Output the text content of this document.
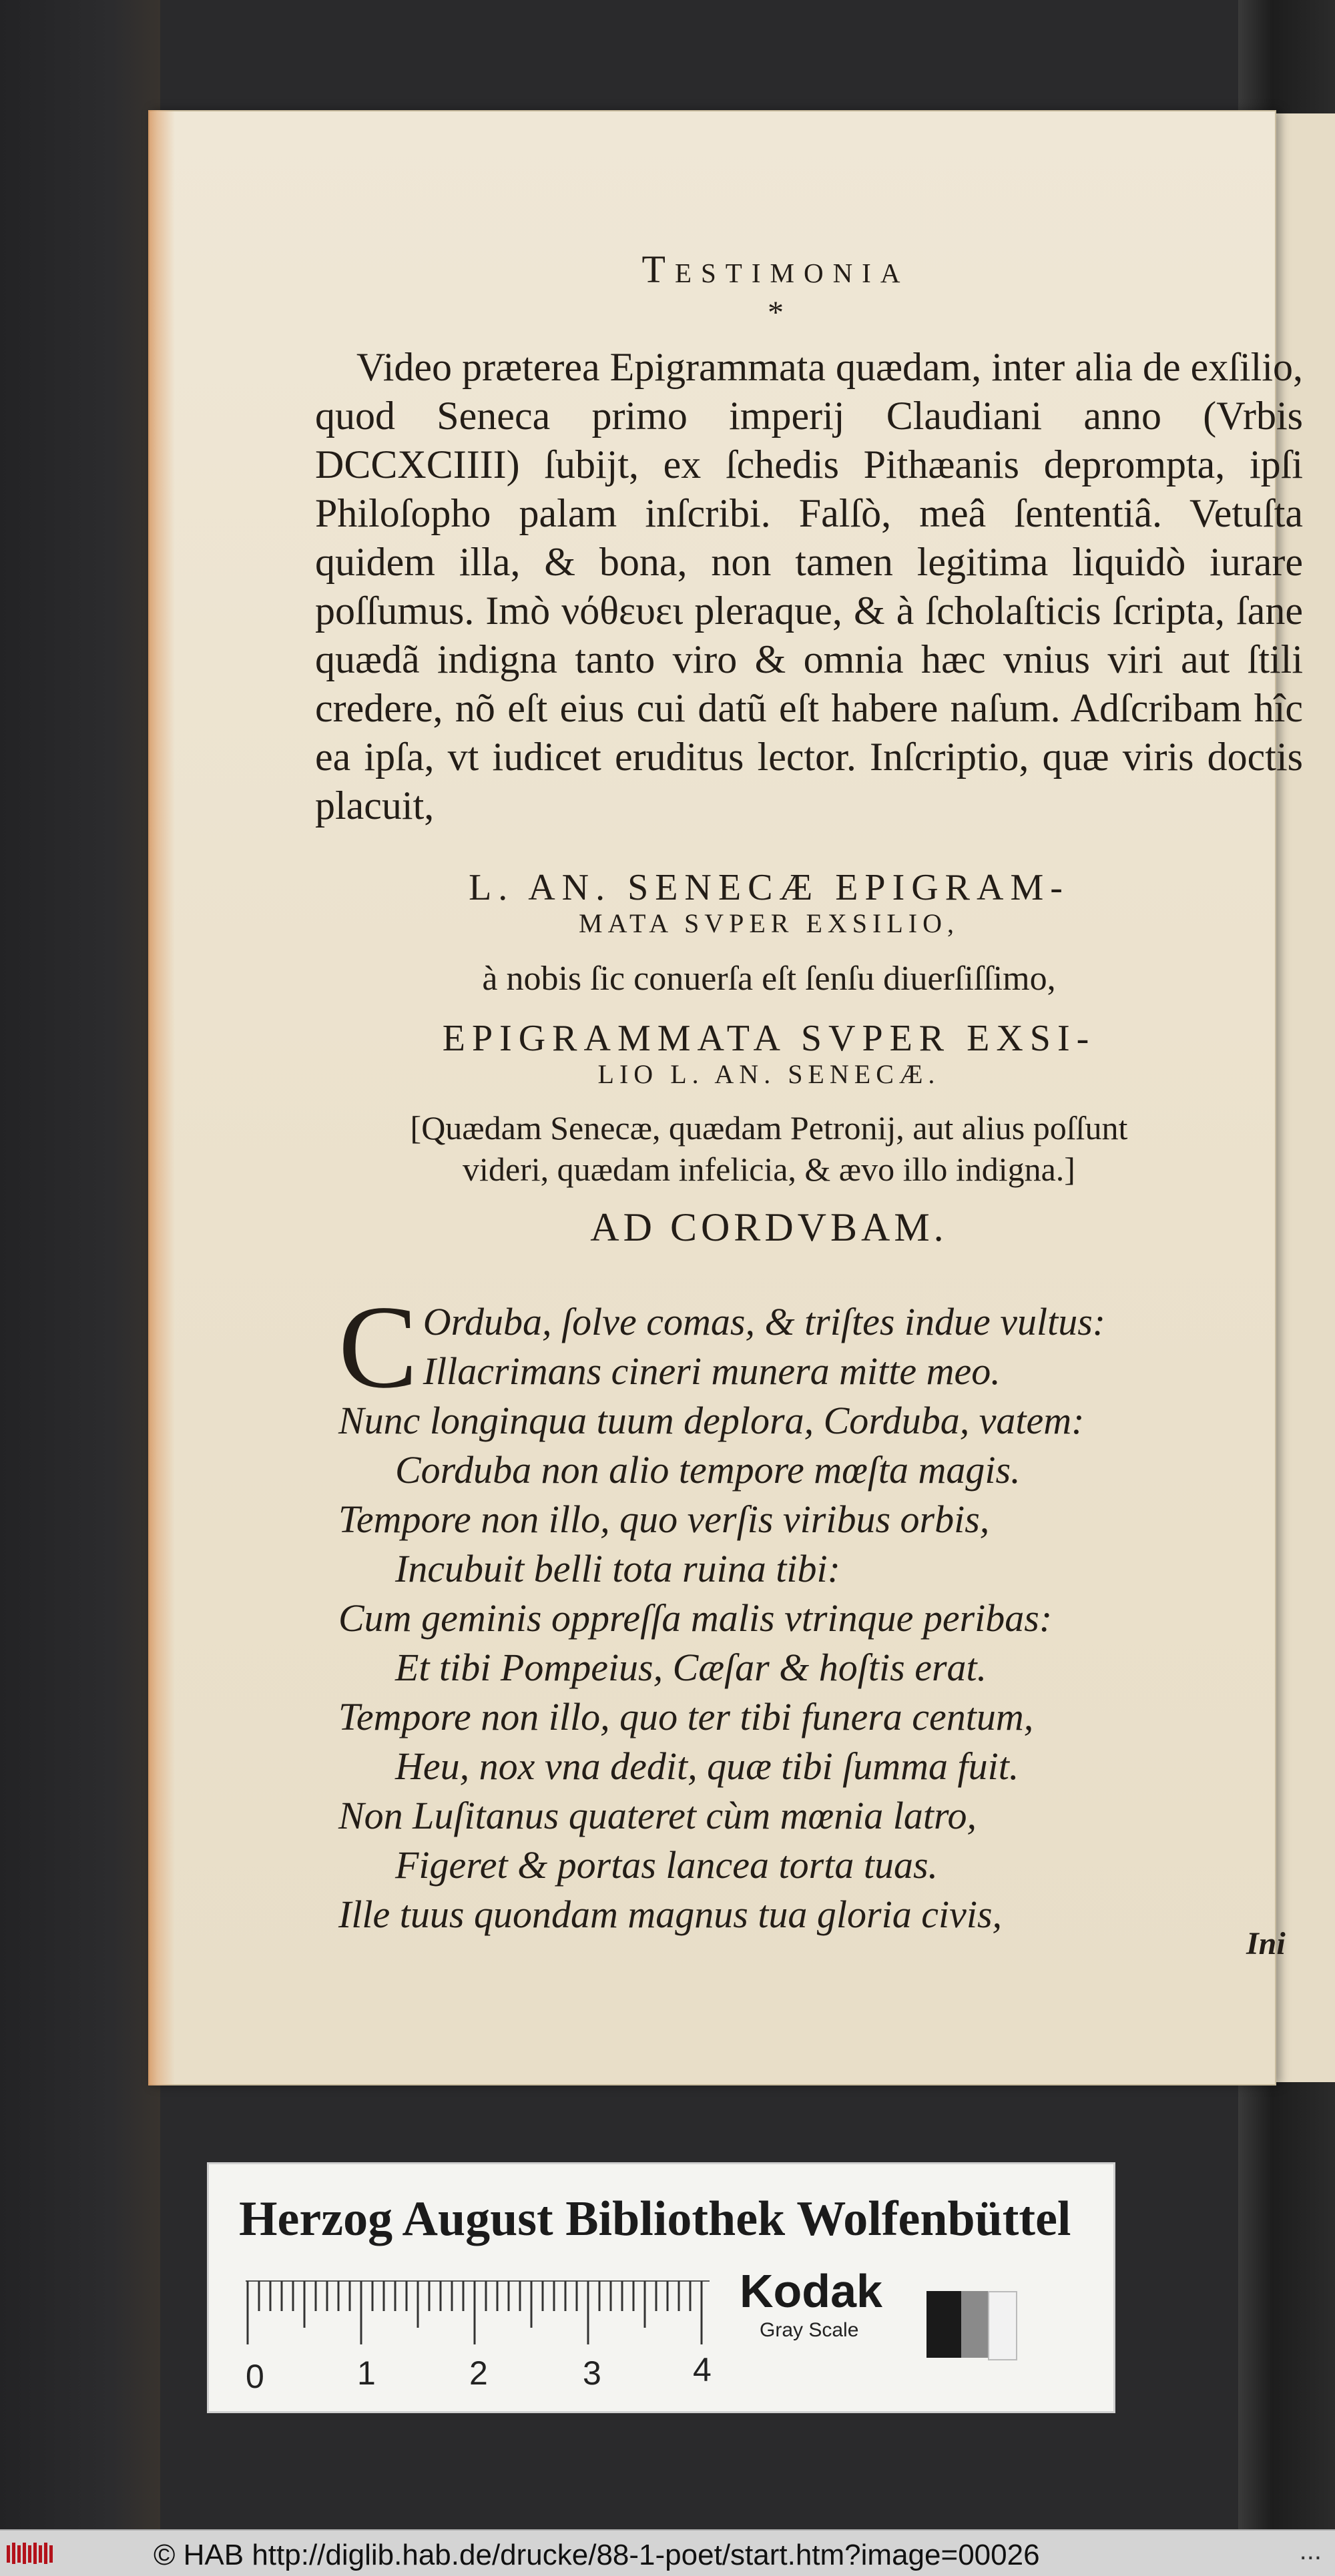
Testimonia
*
Video præterea Epigrammata quædam, inter alia de exſilio, quod Seneca primo imperij Claudiani anno (Vrbis DCCXCIIII) ſubijt, ex ſchedis Pithæanis deprompta, ipſi Philoſopho palam inſcribi. Falſò, meâ ſententiâ. Vetuſta quidem illa, & bona, non tamen legitima liquidò iurare poſſumus. Imò νόθευει pleraque, & à ſcholaſticis ſcripta, ſane quædã indigna tanto viro & omnia hæc vnius viri aut ſtili credere, nõ eſt eius cui datũ eſt habere naſum. Adſcribam hîc ea ipſa, vt iudicet eruditus lector. Inſcriptio, quæ viris doctis placuit,
L. AN. SENECÆ EPIGRAM-
MATA SVPER EXSILIO,
à nobis ſic conuerſa eſt ſenſu diuerſiſſimo,
EPIGRAMMATA SVPER EXSI-
LIO L. AN. SENECÆ.
[Quædam Senecæ, quædam Petronij, aut alius poſſunt
videri, quædam infelicia, & ævo illo indigna.]
AD CORDVBAM.
C Orduba, ſolve comas, & triſtes indue vultus:
Illacrimans cineri munera mitte meo.
Nunc longinqua tuum deplora, Corduba, vatem:
Corduba non alio tempore mœſta magis.
Tempore non illo, quo verſis viribus orbis,
Incubuit belli tota ruina tibi:
Cum geminis oppreſſa malis vtrinque peribas:
Et tibi Pompeius, Cæſar & hoſtis erat.
Tempore non illo, quo ter tibi funera centum,
Heu, nox vna dedit, quæ tibi ſumma fuit.
Non Luſitanus quateret cùm mœnia latro,
Figeret & portas lancea torta tuas.
Ille tuus quondam magnus tua gloria civis,
Ini
Herzog August Bibliothek Wolfenbüttel
0	1	2	3	4
Kodak
Gray Scale
© HAB http://diglib.hab.de/drucke/88-1-poet/start.htm?image=00026	...
